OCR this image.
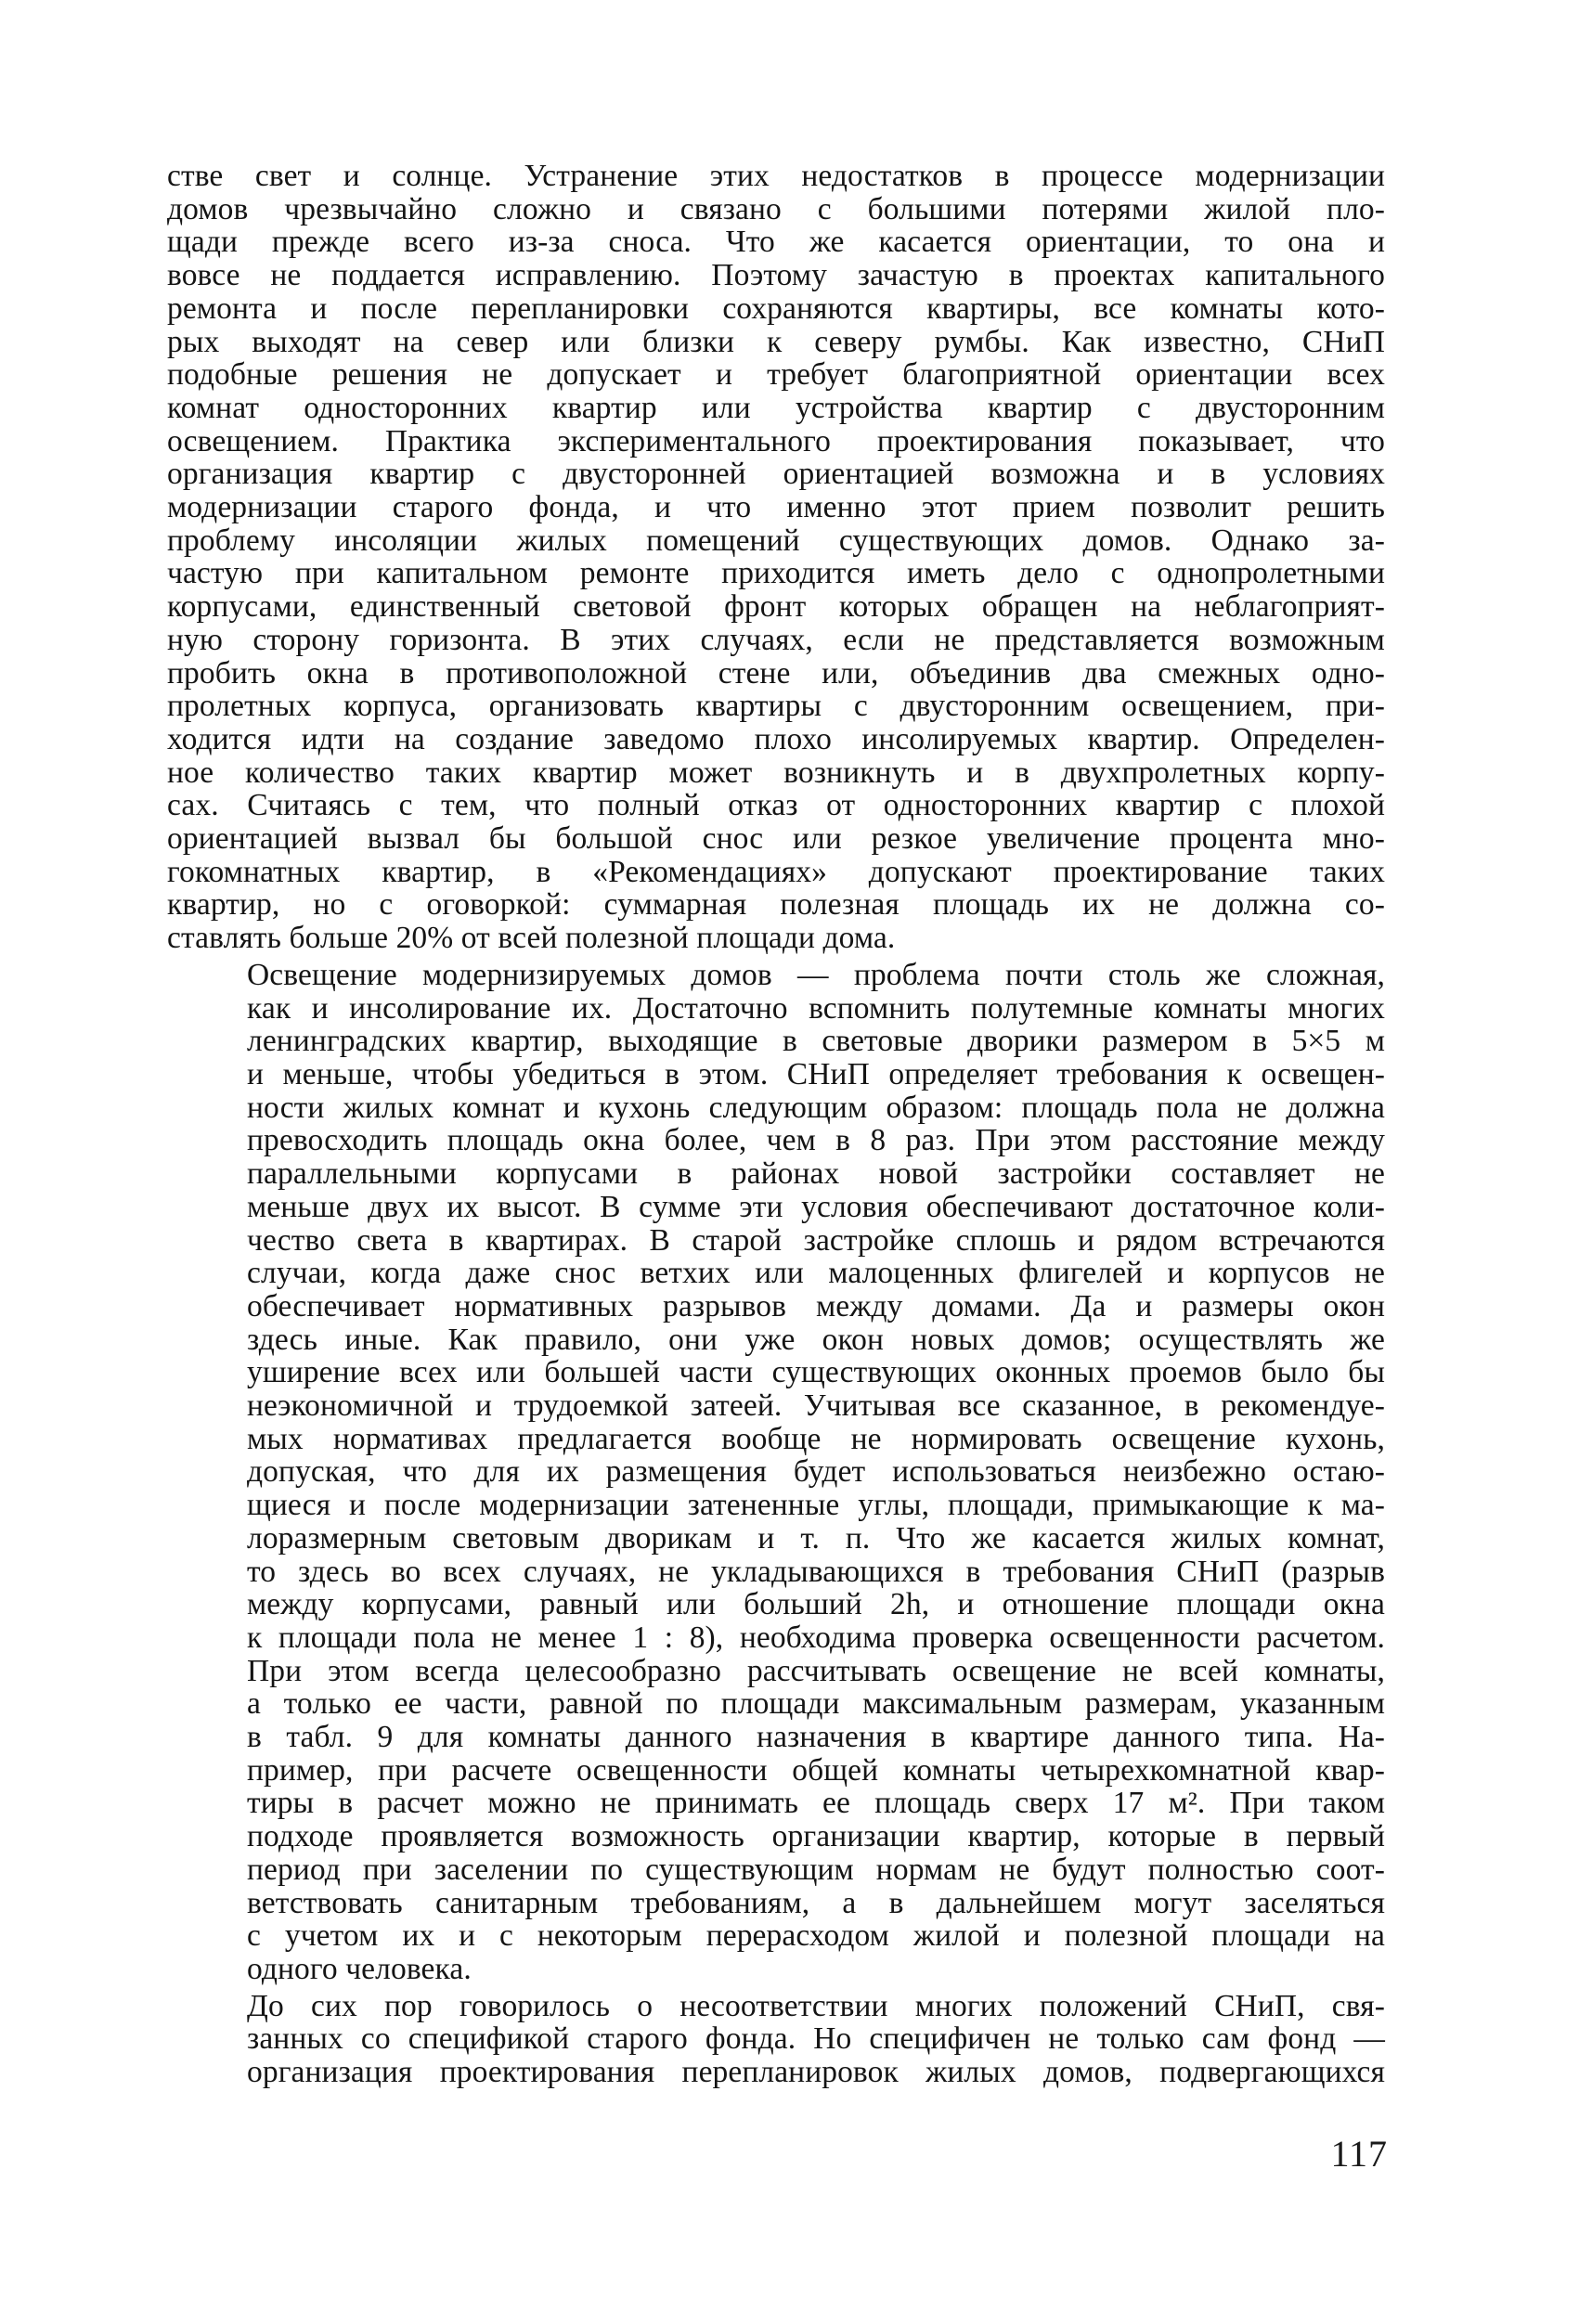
стве свет и солнце. Устранение этих недостатков в процессе модернизации
домов чрезвычайно сложно и связано с большими потерями жилой пло-
щади прежде всего из-за сноса. Что же касается ориентации, то она и
вовсе не поддается исправлению. Поэтому зачастую в проектах капитального
ремонта и после перепланировки сохраняются квартиры, все комнаты кото-
рых выходят на север или близки к северу румбы. Как известно, СНиП
подобные решения не допускает и требует благоприятной ориентации всех
комнат односторонних квартир или устройства квартир с двусторонним
освещением. Практика экспериментального проектирования показывает, что
организация квартир с двусторонней ориентацией возможна и в условиях
модернизации старого фонда, и что именно этот прием позволит решить
проблему инсоляции жилых помещений существующих домов. Однако за-
частую при капитальном ремонте приходится иметь дело с однопролетными
корпусами, единственный световой фронт которых обращен на неблагоприят-
ную сторону горизонта. В этих случаях, если не представляется возможным
пробить окна в противоположной стене или, объединив два смежных одно-
пролетных корпуса, организовать квартиры с двусторонним освещением, при-
ходится идти на создание заведомо плохо инсолируемых квартир. Определен-
ное количество таких квартир может возникнуть и в двухпролетных корпу-
сах. Считаясь с тем, что полный отказ от односторонних квартир с плохой
ориентацией вызвал бы большой снос или резкое увеличение процента мно-
гокомнатных квартир, в «Рекомендациях» допускают проектирование таких
квартир, но с оговоркой: суммарная полезная площадь их не должна со-
ставлять больше 20% от всей полезной площади дома.

Освещение модернизируемых домов — проблема почти столь же сложная,
как и инсолирование их. Достаточно вспомнить полутемные комнаты многих
ленинградских квартир, выходящие в световые дворики размером в 5×5 м
и меньше, чтобы убедиться в этом. СНиП определяет требования к освещен-
ности жилых комнат и кухонь следующим образом: площадь пола не должна
превосходить площадь окна более, чем в 8 раз. При этом расстояние между
параллельными корпусами в районах новой застройки составляет не
меньше двух их высот. В сумме эти условия обеспечивают достаточное коли-
чество света в квартирах. В старой застройке сплошь и рядом встречаются
случаи, когда даже снос ветхих или малоценных флигелей и корпусов не
обеспечивает нормативных разрывов между домами. Да и размеры окон
здесь иные. Как правило, они уже окон новых домов; осуществлять же
уширение всех или большей части существующих оконных проемов было бы
неэкономичной и трудоемкой затеей. Учитывая все сказанное, в рекомендуе-
мых нормативах предлагается вообще не нормировать освещение кухонь,
допуская, что для их размещения будет использоваться неизбежно остаю-
щиеся и после модернизации затененные углы, площади, примыкающие к ма-
лоразмерным световым дворикам и т. п. Что же касается жилых комнат,
то здесь во всех случаях, не укладывающихся в требования СНиП (разрыв
между корпусами, равный или больший 2h, и отношение площади окна
к площади пола не менее 1 : 8), необходима проверка освещенности расчетом.
При этом всегда целесообразно рассчитывать освещение не всей комнаты,
а только ее части, равной по площади максимальным размерам, указанным
в табл. 9 для комнаты данного назначения в квартире данного типа. На-
пример, при расчете освещенности общей комнаты четырехкомнатной квар-
тиры в расчет можно не принимать ее площадь сверх 17 м². При таком
подходе проявляется возможность организации квартир, которые в первый
период при заселении по существующим нормам не будут полностью соот-
ветствовать санитарным требованиям, а в дальнейшем могут заселяться
с учетом их и с некоторым перерасходом жилой и полезной площади на
одного человека.

До сих пор говорилось о несоответствии многих положений СНиП, свя-
занных со спецификой старого фонда. Но специфичен не только сам фонд —
организация проектирования перепланировок жилых домов, подвергающихся

117
